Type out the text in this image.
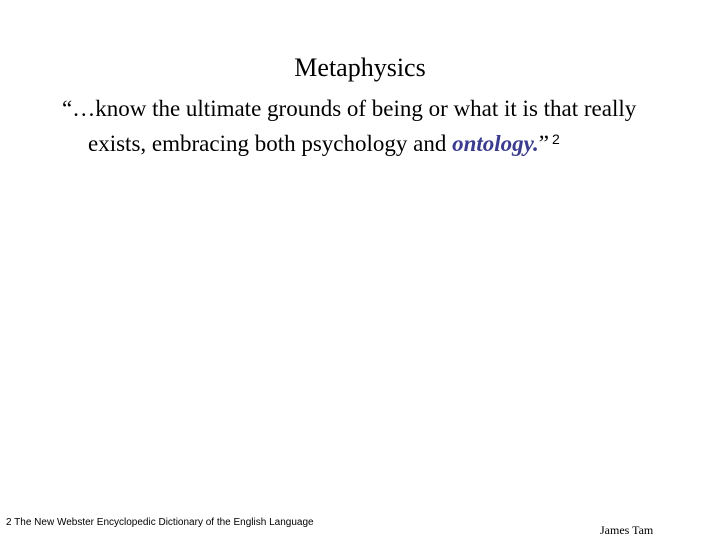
Metaphysics
“…know the ultimate grounds of being or what it is that really
exists, embracing both psychology and ontology.” $^2$
2 The New Webster Encyclopedic Dictionary of the English Language
James Tam
